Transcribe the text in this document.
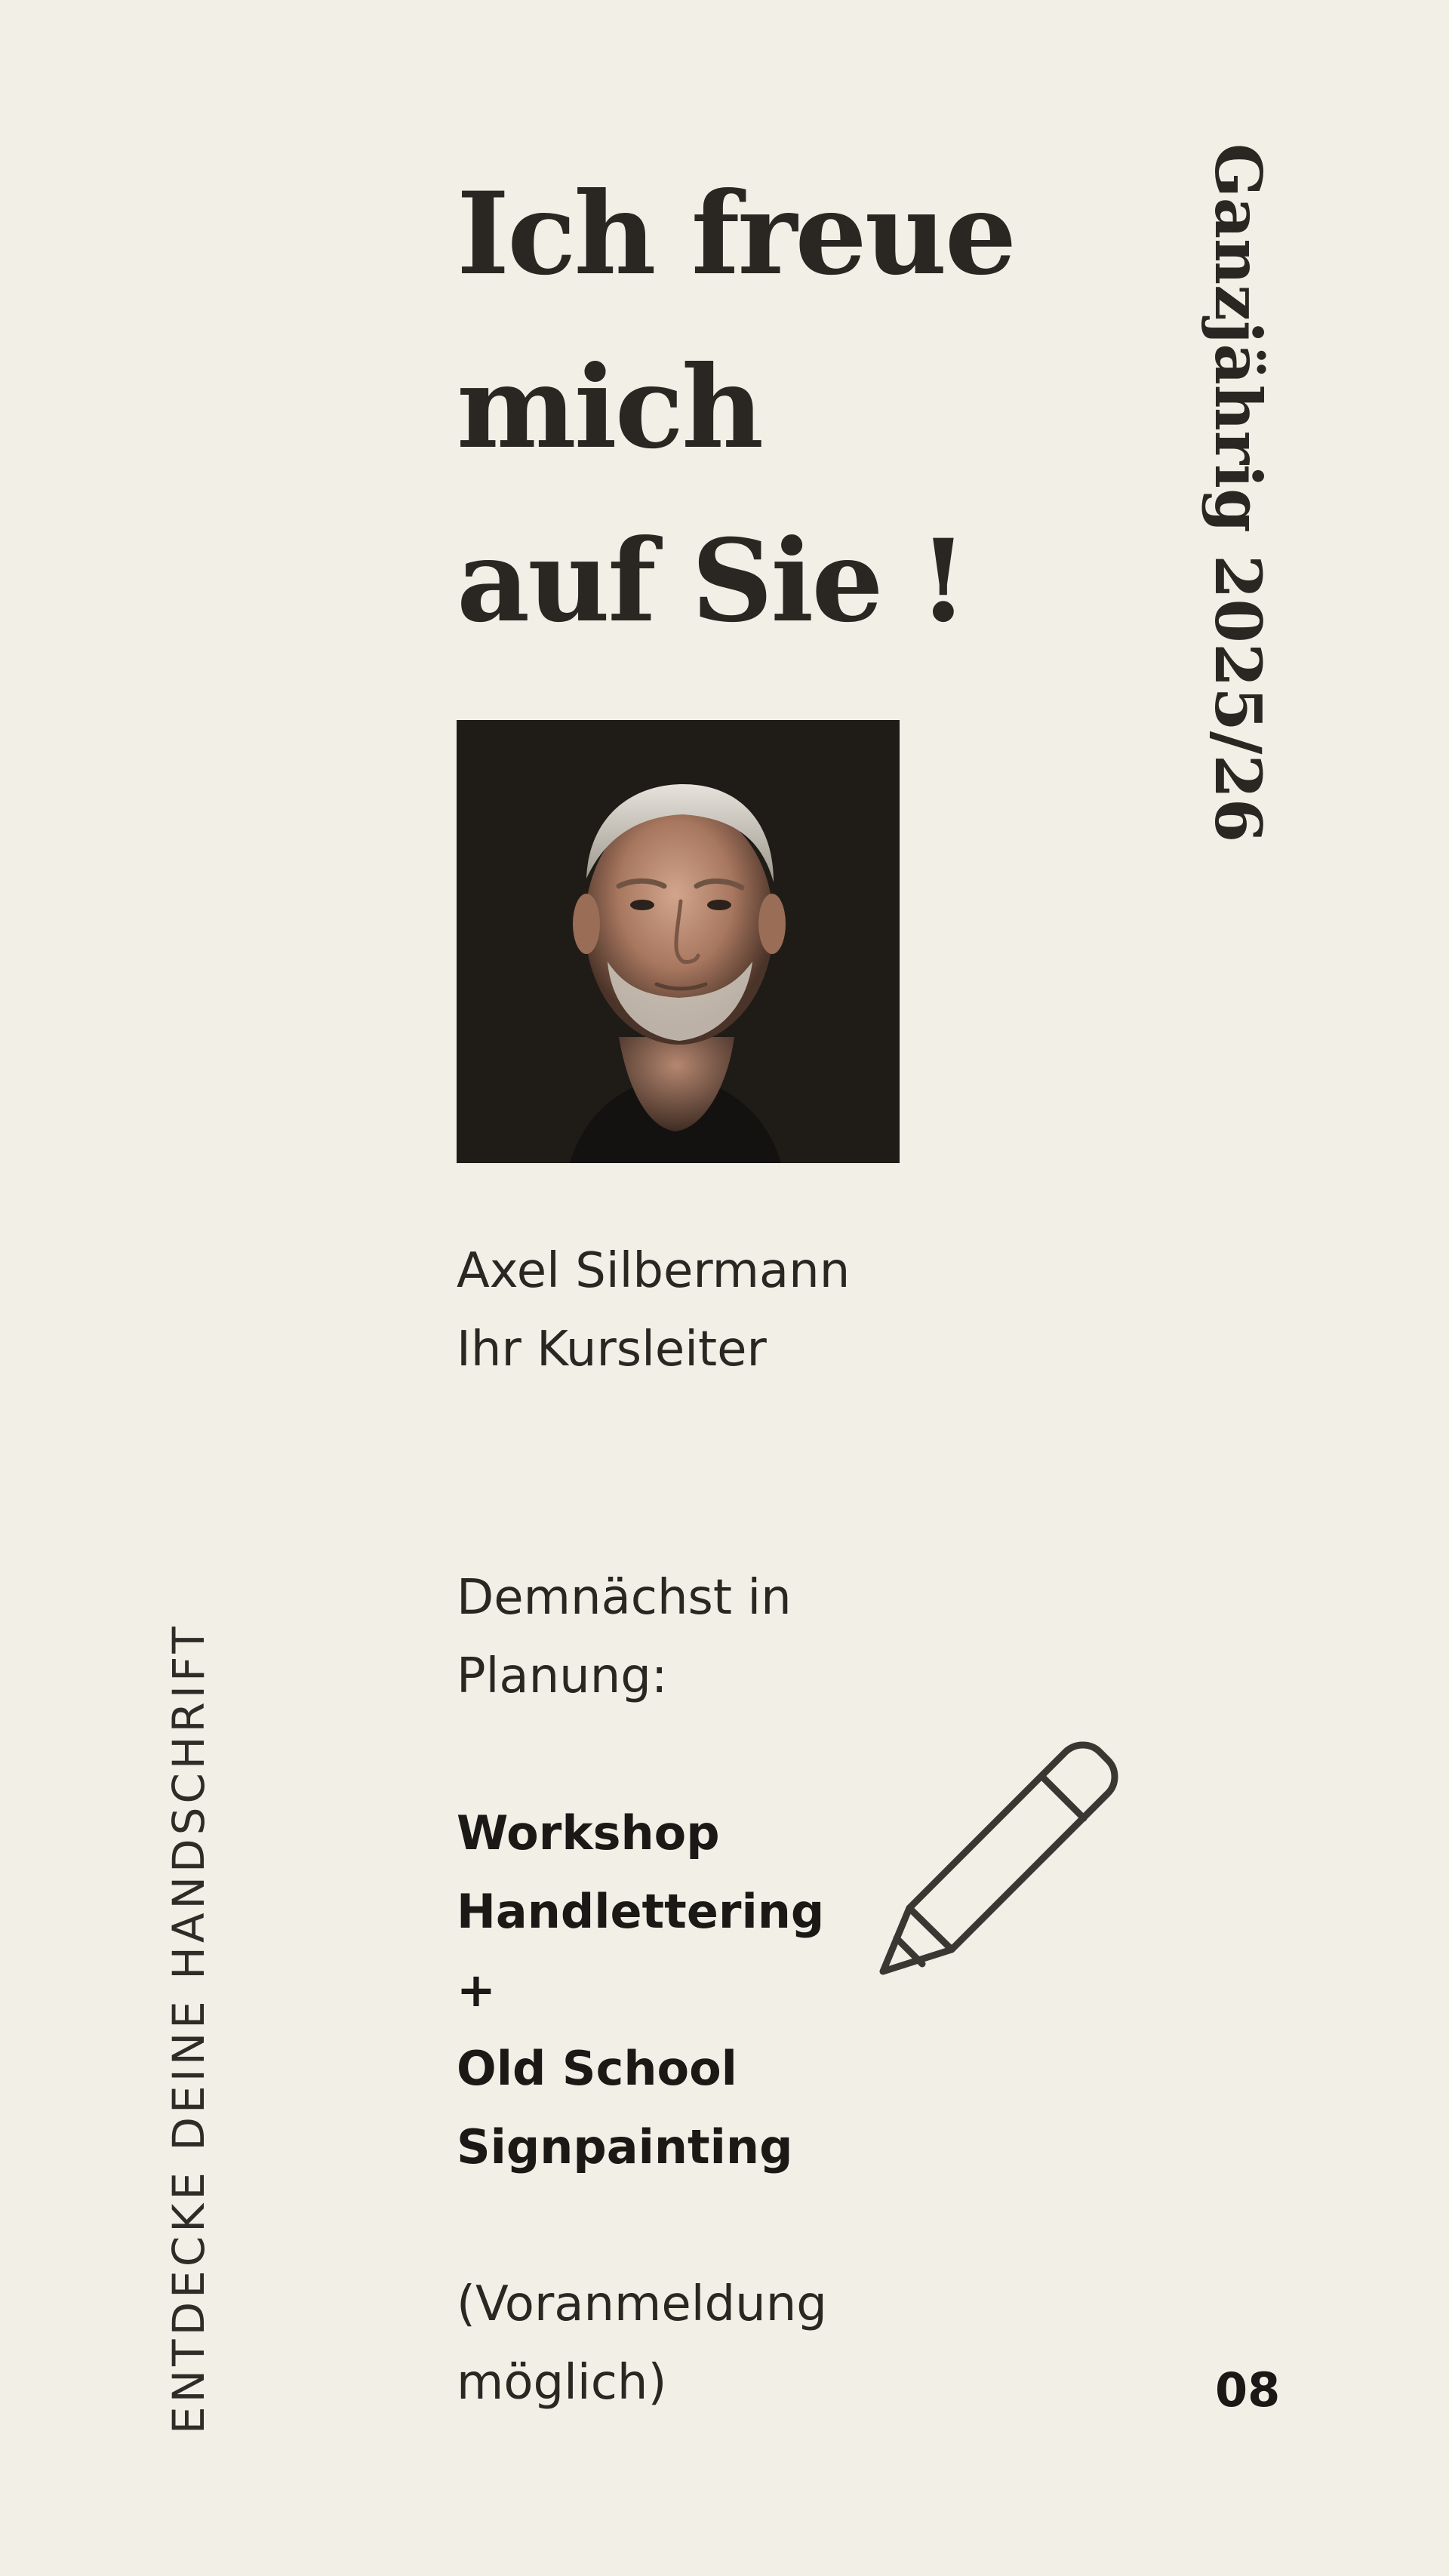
Ich freue
mich
auf Sie !	Ganzjährig 2025/26
Axel Silbermann
Ihr Kursleiter
ENTDECKE DEINE HANDSCHRIFT
Demnächst in
Planung:
Workshop
Handlettering
+
Old School
Signpainting
(Voranmeldung
möglich)	08
